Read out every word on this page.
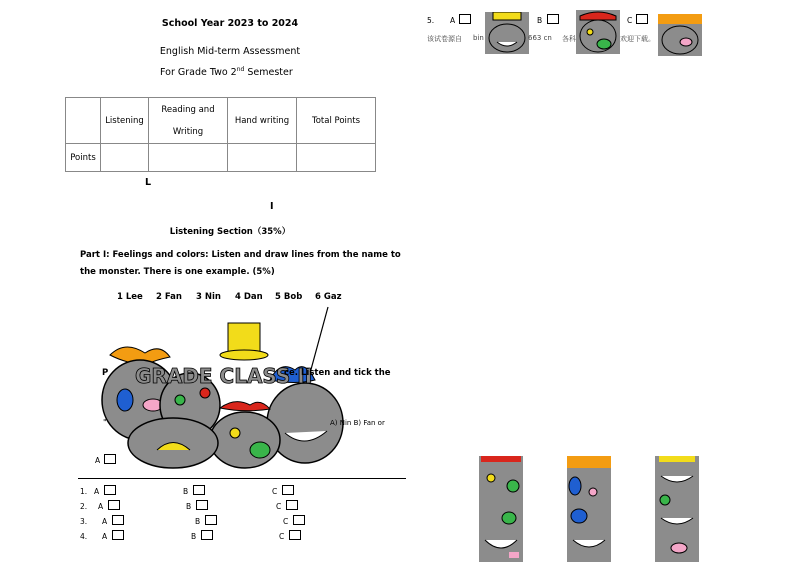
School Year 2023 to 2024
English Mid-term Assessment
For Grade Two 2nd Semester
	Listening	Reading and Writing	Hand writing	Total Points
Points				
L
I
Listening Section（35%）
Part I: Feelings and colors: Listen and draw lines from the name to
the monster. There is one example. (5%)
1 Lee 2 Fan 3 Nin 4 Dan 5 Bob 6 Gaz
GRADE CLASS II
P	ce. Listen and tick the
"	A) Nin B) Fan or
A
1. A	B	C
2. A	B	C
3. A	B	C
4. A	B	C
5. A	B	C
该试卷源自 bin	663 cn 各科	欢迎下载。
